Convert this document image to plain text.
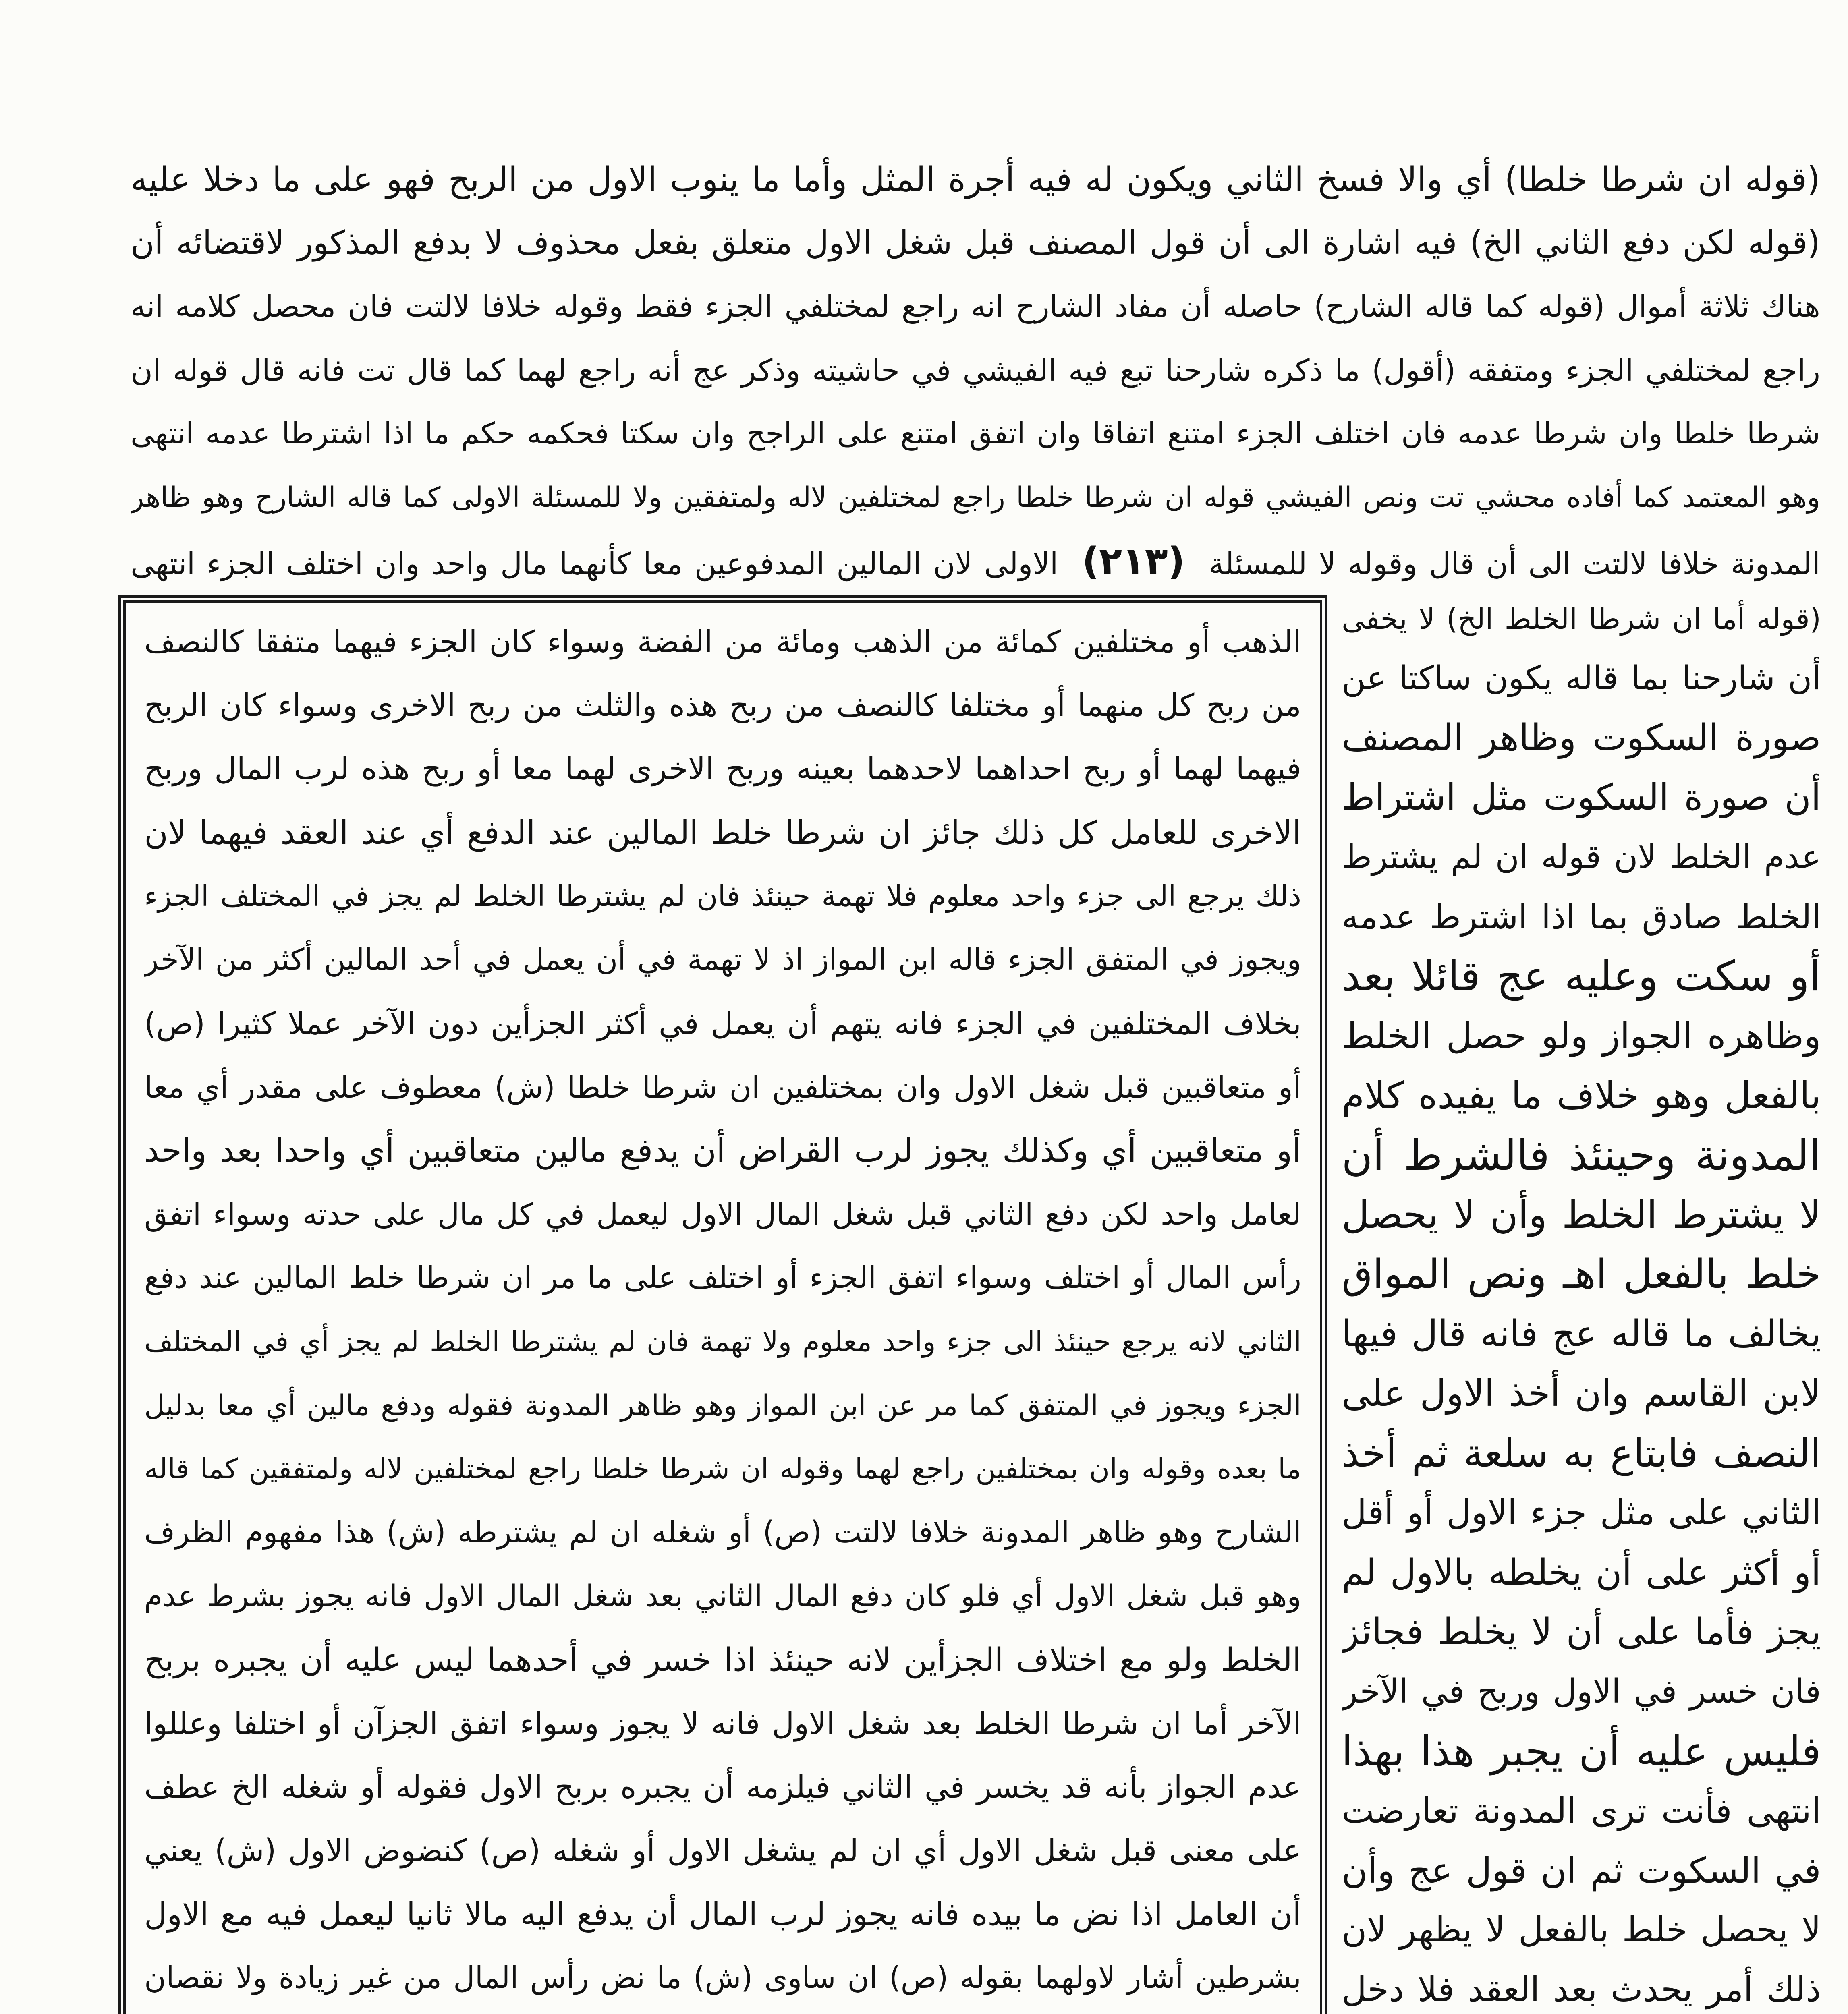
(قوله ان شرطا خلطا) أي والا فسخ الثاني ويكون له فيه أجرة المثل وأما ما ينوب الاول من الربح فهو على ما دخلا عليه
(قوله لكن دفع الثاني الخ) فيه اشارة الى أن قول المصنف قبل شغل الاول متعلق بفعل محذوف لا بدفع المذكور لاقتضائه أن
هناك ثلاثة أموال (قوله كما قاله الشارح) حاصله أن مفاد الشارح انه راجع لمختلفي الجزء فقط وقوله خلافا لالتت فان محصل كلامه انه
راجع لمختلفي الجزء ومتفقه (أقول) ما ذكره شارحنا تبع فيه الفيشي في حاشيته وذكر عج أنه راجع لهما كما قال تت فانه قال قوله ان
شرطا خلطا وان شرطا عدمه فان اختلف الجزء امتنع اتفاقا وان اتفق امتنع على الراجح وان سكتا فحكمه حكم ما اذا اشترطا عدمه انتهى
وهو المعتمد كما أفاده محشي تت ونص الفيشي قوله ان شرطا خلطا راجع لمختلفين لاله ولمتفقين ولا للمسئلة الاولى كما قاله الشارح وهو ظاهر
المدونة خلافا لالتت الى أن قال وقوله لا للمسئلة (٢١٣) الاولى لان المالين المدفوعين معا كأنهما مال واحد وان اختلف الجزء انتهى
الذهب أو مختلفين كمائة من الذهب ومائة من الفضة وسواء كان الجزء فيهما متفقا كالنصف
من ربح كل منهما أو مختلفا كالنصف من ربح هذه والثلث من ربح الاخرى وسواء كان الربح
فيهما لهما أو ربح احداهما لاحدهما بعينه وربح الاخرى لهما معا أو ربح هذه لرب المال وربح
الاخرى للعامل كل ذلك جائز ان شرطا خلط المالين عند الدفع أي عند العقد فيهما لان
ذلك يرجع الى جزء واحد معلوم فلا تهمة حينئذ فان لم يشترطا الخلط لم يجز في المختلف الجزء
ويجوز في المتفق الجزء قاله ابن المواز اذ لا تهمة في أن يعمل في أحد المالين أكثر من الآخر
بخلاف المختلفين في الجزء فانه يتهم أن يعمل في أكثر الجزأين دون الآخر عملا كثيرا (ص)
أو متعاقبين قبل شغل الاول وان بمختلفين ان شرطا خلطا (ش) معطوف على مقدر أي معا
أو متعاقبين أي وكذلك يجوز لرب القراض أن يدفع مالين متعاقبين أي واحدا بعد واحد
لعامل واحد لكن دفع الثاني قبل شغل المال الاول ليعمل في كل مال على حدته وسواء اتفق
رأس المال أو اختلف وسواء اتفق الجزء أو اختلف على ما مر ان شرطا خلط المالين عند دفع
الثاني لانه يرجع حينئذ الى جزء واحد معلوم ولا تهمة فان لم يشترطا الخلط لم يجز أي في المختلف
الجزء ويجوز في المتفق كما مر عن ابن المواز وهو ظاهر المدونة فقوله ودفع مالين أي معا بدليل
ما بعده وقوله وان بمختلفين راجع لهما وقوله ان شرطا خلطا راجع لمختلفين لاله ولمتفقين كما قاله
الشارح وهو ظاهر المدونة خلافا لالتت (ص) أو شغله ان لم يشترطه (ش) هذا مفهوم الظرف
وهو قبل شغل الاول أي فلو كان دفع المال الثاني بعد شغل المال الاول فانه يجوز بشرط عدم
الخلط ولو مع اختلاف الجزأين لانه حينئذ اذا خسر في أحدهما ليس عليه أن يجبره بربح
الآخر أما ان شرطا الخلط بعد شغل الاول فانه لا يجوز وسواء اتفق الجزآن أو اختلفا وعللوا
عدم الجواز بأنه قد يخسر في الثاني فيلزمه أن يجبره بربح الاول فقوله أو شغله الخ عطف
على معنى قبل شغل الاول أي ان لم يشغل الاول أو شغله (ص) كنضوض الاول (ش) يعني
أن العامل اذا نض ما بيده فانه يجوز لرب المال أن يدفع اليه مالا ثانيا ليعمل فيه مع الاول
بشرطين أشار لاولهما بقوله (ص) ان ساوى (ش) ما نض رأس المال من غير زيادة ولا نقصان
(قوله أما ان شرطا الخلط الخ) لا يخفى
أن شارحنا بما قاله يكون ساكتا عن
صورة السكوت وظاهر المصنف
أن صورة السكوت مثل اشتراط
عدم الخلط لان قوله ان لم يشترط
الخلط صادق بما اذا اشترط عدمه
أو سكت وعليه عج قائلا بعد
وظاهره الجواز ولو حصل الخلط
بالفعل وهو خلاف ما يفيده كلام
المدونة وحينئذ فالشرط أن
لا يشترط الخلط وأن لا يحصل
خلط بالفعل اهـ ونص المواق
يخالف ما قاله عج فانه قال فيها
لابن القاسم وان أخذ الاول على
النصف فابتاع به سلعة ثم أخذ
الثاني على مثل جزء الاول أو أقل
أو أكثر على أن يخلطه بالاول لم
يجز فأما على أن لا يخلط فجائز
فان خسر في الاول وربح في الآخر
فليس عليه أن يجبر هذا بهذا
انتهى فأنت ترى المدونة تعارضت
في السكوت ثم ان قول عج وأن
لا يحصل خلط بالفعل لا يظهر لان
ذلك أمر يحدث بعد العقد فلا دخل
